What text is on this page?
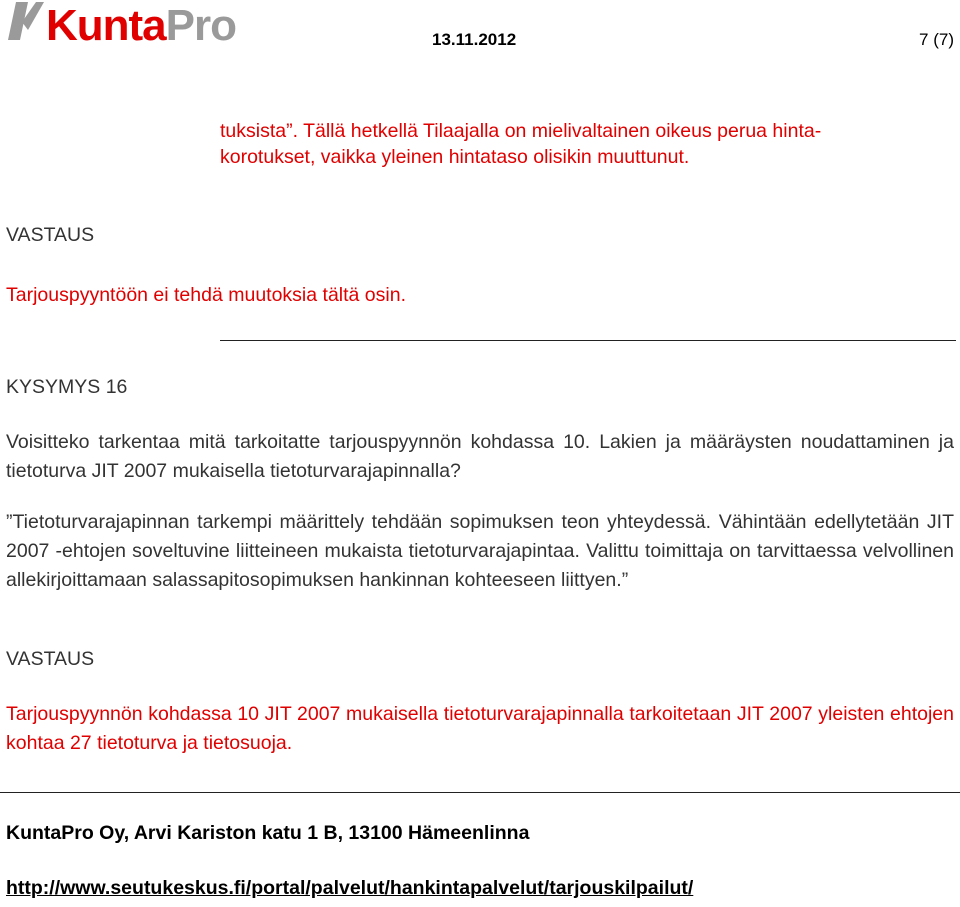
KuntaPro	13.11.2012	7 (7)

tuksista”. Tällä hetkellä Tilaajalla on mielivaltainen oikeus perua hinta-

korotukset, vaikka yleinen hintataso olisikin muuttunut.

VASTAUS

Tarjouspyyntöön ei tehdä muutoksia tältä osin.

KYSYMYS 16

Voisitteko tarkentaa mitä tarkoitatte tarjouspyynnön kohdassa 10. Lakien ja määräysten noudattaminen ja tietoturva JIT 2007 mukaisella tietoturvarajapinnalla?

”Tietoturvarajapinnan tarkempi määrittely tehdään sopimuksen teon yhteydessä. Vähintään edellytetään JIT 2007 -ehtojen soveltuvine liitteineen mukaista tietoturvarajapintaa. Valittu toimittaja on tarvittaessa velvollinen allekirjoittamaan salassapitosopimuksen hankinnan kohteeseen liittyen.”

VASTAUS

Tarjouspyynnön kohdassa 10 JIT 2007 mukaisella tietoturvarajapinnalla tarkoitetaan JIT 2007 yleisten ehtojen kohtaa 27 tietoturva ja tietosuoja.

KuntaPro Oy, Arvi Kariston katu 1 B, 13100 Hämeenlinna

http://www.seutukeskus.fi/portal/palvelut/hankintapalvelut/tarjouskilpailut/
